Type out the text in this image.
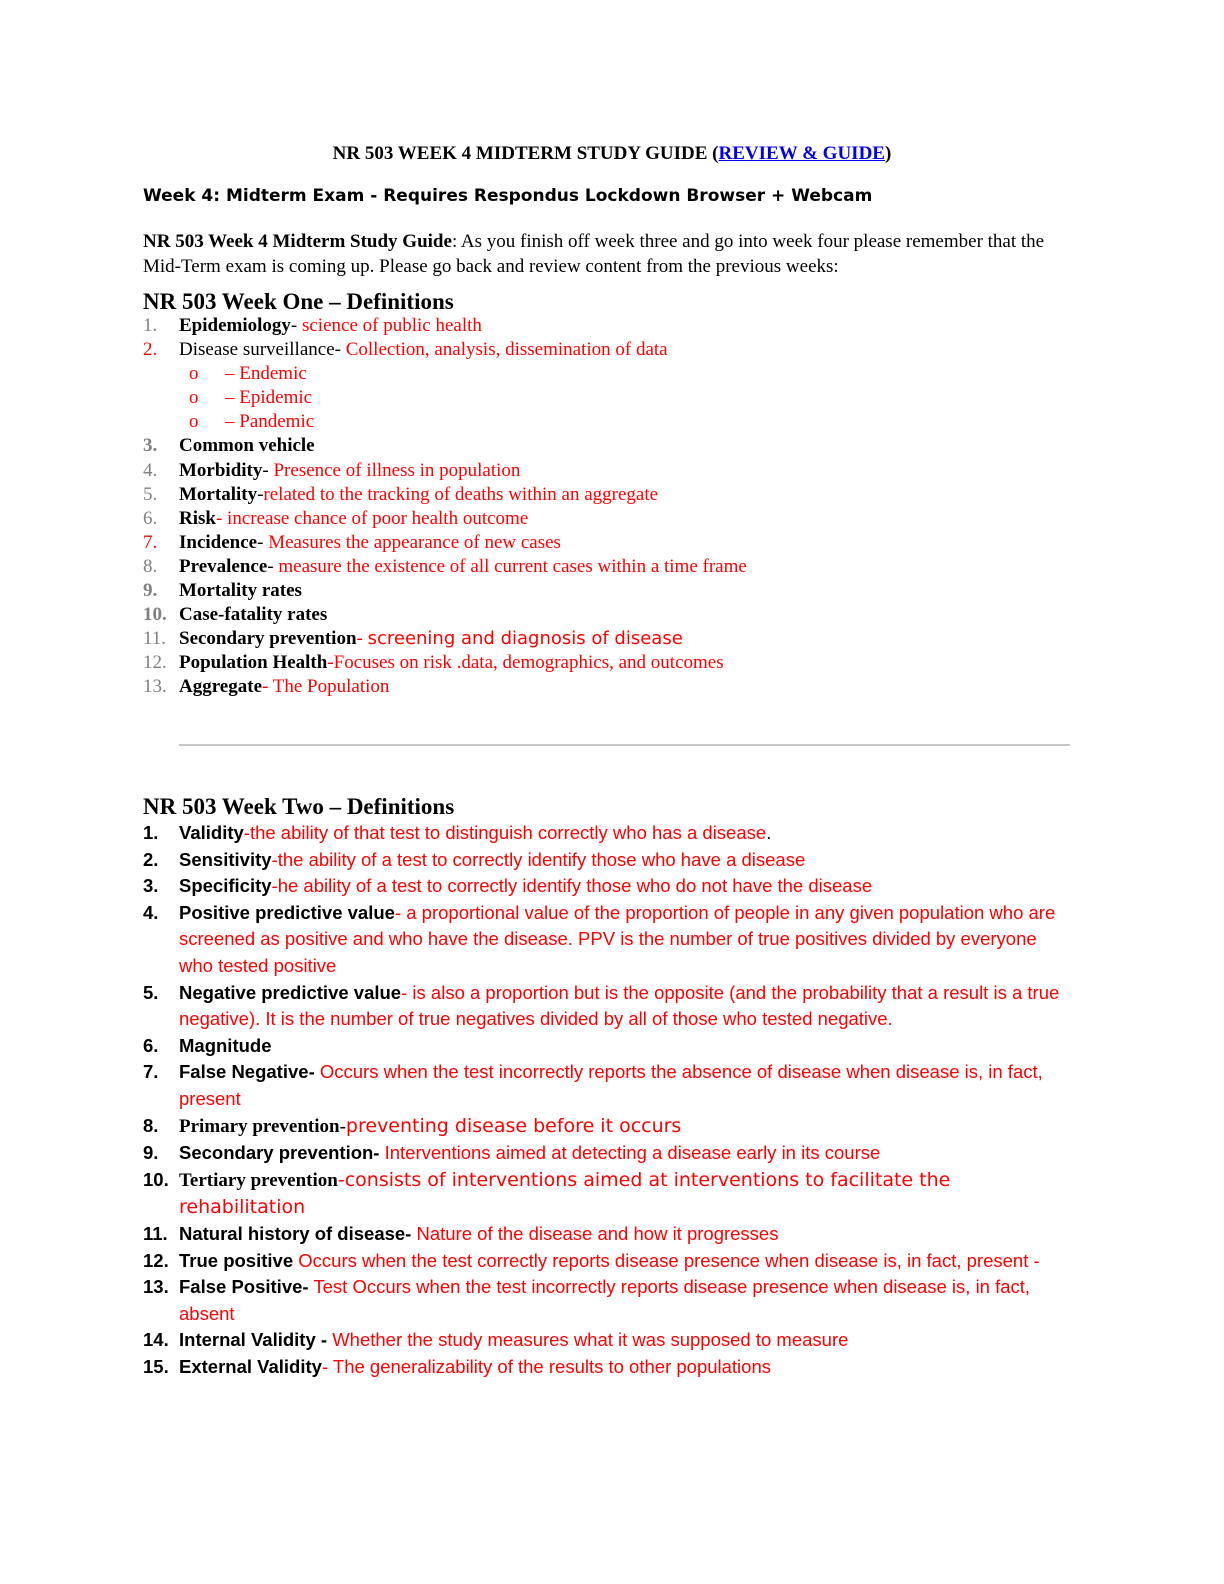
NR 503 WEEK 4 MIDTERM STUDY GUIDE (REVIEW & GUIDE)
Week 4: Midterm Exam - Requires Respondus Lockdown Browser + Webcam
NR 503 Week 4 Midterm Study Guide: As you finish off week three and go into week four please remember that the Mid-Term exam is coming up. Please go back and review content from the previous weeks:
NR 503 Week One – Definitions
1. Epidemiology- science of public health
2. Disease surveillance- Collection, analysis, dissemination of data
o – Endemic
o – Epidemic
o – Pandemic
3. Common vehicle
4. Morbidity- Presence of illness in population
5. Mortality-related to the tracking of deaths within an aggregate
6. Risk- increase chance of poor health outcome
7. Incidence- Measures the appearance of new cases
8. Prevalence- measure the existence of all current cases within a time frame
9. Mortality rates
10. Case-fatality rates
11. Secondary prevention- screening and diagnosis of disease
12. Population Health-Focuses on risk .data, demographics, and outcomes
13. Aggregate- The Population
NR 503 Week Two – Definitions
1. Validity-the ability of that test to distinguish correctly who has a disease.
2. Sensitivity-the ability of a test to correctly identify those who have a disease
3. Specificity-he ability of a test to correctly identify those who do not have the disease
4. Positive predictive value- a proportional value of the proportion of people in any given population who are screened as positive and who have the disease. PPV is the number of true positives divided by everyone who tested positive
5. Negative predictive value- is also a proportion but is the opposite (and the probability that a result is a true negative). It is the number of true negatives divided by all of those who tested negative.
6. Magnitude
7. False Negative- Occurs when the test incorrectly reports the absence of disease when disease is, in fact, present
8. Primary prevention-preventing disease before it occurs
9. Secondary prevention- Interventions aimed at detecting a disease early in its course
10. Tertiary prevention-consists of interventions aimed at interventions to facilitate the rehabilitation
11. Natural history of disease- Nature of the disease and how it progresses
12. True positive Occurs when the test correctly reports disease presence when disease is, in fact, present -
13. False Positive- Test Occurs when the test incorrectly reports disease presence when disease is, in fact, absent
14. Internal Validity - Whether the study measures what it was supposed to measure
15. External Validity- The generalizability of the results to other populations
